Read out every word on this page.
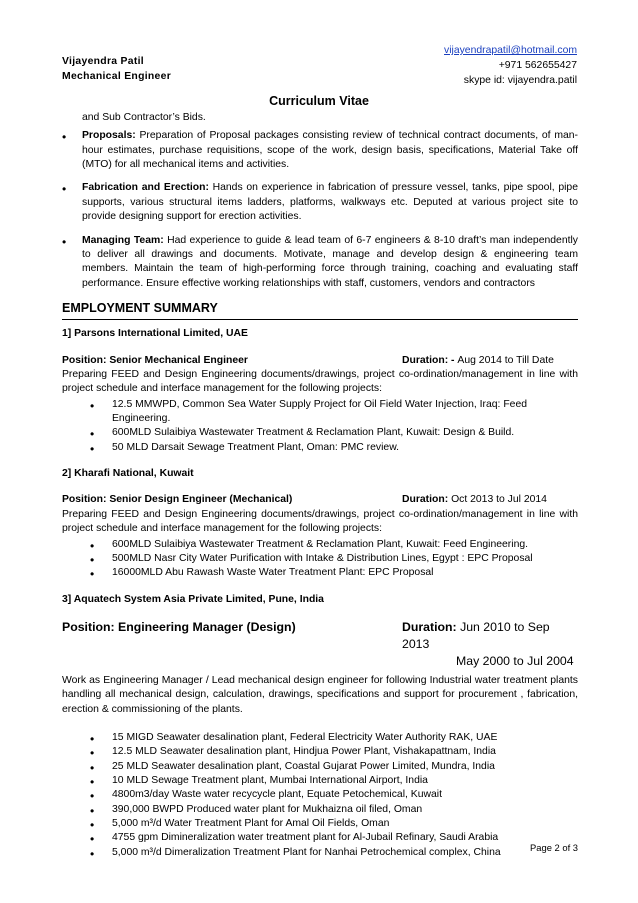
Vijayendra Patil
Mechanical Engineer
vijayendrapatil@hotmail.com
+971 562655427
skype id: vijayendra.patil
Curriculum Vitae
and Sub Contractor’s Bids.
• Proposals: Preparation of Proposal packages consisting review of technical contract documents, of man-hour estimates, purchase requisitions, scope of the work, design basis, specifications, Material Take off (MTO) for all mechanical items and activities.
• Fabrication and Erection: Hands on experience in fabrication of pressure vessel, tanks, pipe spool, pipe supports, various structural items ladders, platforms, walkways etc. Deputed at various project site to provide designing support for erection activities.
• Managing Team: Had experience to guide & lead team of 6-7 engineers & 8-10 draft’s man independently to deliver all drawings and documents. Motivate, manage and develop design & engineering team members. Maintain the team of high-performing force through training, coaching and evaluating staff performance. Ensure effective working relationships with staff, customers, vendors and contractors
EMPLOYMENT SUMMARY
1] Parsons International Limited, UAE
Position: Senior Mechanical Engineer	Duration: - Aug 2014 to Till Date
Preparing FEED and Design Engineering documents/drawings, project co-ordination/management in line with project schedule and interface management for the following projects:
• 12.5 MMWPD, Common Sea Water Supply Project for Oil Field Water Injection, Iraq: Feed Engineering.
• 600MLD Sulaibiya Wastewater Treatment & Reclamation Plant, Kuwait: Design & Build.
• 50 MLD Darsait Sewage Treatment Plant, Oman: PMC review.
2] Kharafi National, Kuwait
Position: Senior Design Engineer (Mechanical)	Duration: Oct 2013 to Jul 2014
Preparing FEED and Design Engineering documents/drawings, project co-ordination/management in line with project schedule and interface management for the following projects:
• 600MLD Sulaibiya Wastewater Treatment & Reclamation Plant, Kuwait: Feed Engineering.
• 500MLD Nasr City Water Purification with Intake & Distribution Lines, Egypt : EPC Proposal
• 16000MLD Abu Rawash Waste Water Treatment Plant: EPC Proposal
3] Aquatech System Asia Private Limited, Pune, India
Position: Engineering Manager (Design)	Duration: Jun 2010 to Sep 2013
May 2000 to Jul 2004
Work as Engineering Manager / Lead mechanical design engineer for following Industrial water treatment plants handling all mechanical design, calculation, drawings, specifications and support for procurement , fabrication, erection & commissioning of the plants.
• 15 MIGD Seawater desalination plant, Federal Electricity Water Authority RAK, UAE
• 12.5 MLD Seawater desalination plant, Hindjua Power Plant, Vishakapattnam, India
• 25 MLD Seawater desalination plant, Coastal Gujarat Power Limited, Mundra, India
• 10 MLD Sewage Treatment plant, Mumbai International Airport, India
• 4800m3/day Waste water recycycle plant, Equate Petochemical, Kuwait
• 390,000 BWPD Produced water plant for Mukhaizna oil filed, Oman
• 5,000 m³/d Water Treatment Plant for Amal Oil Fields, Oman
• 4755 gpm Dimineralization water treatment plant for Al-Jubail Refinary, Saudi Arabia
• 5,000 m³/d Dimeralization Treatment Plant for Nanhai Petrochemical complex, China	Page 2 of 3
